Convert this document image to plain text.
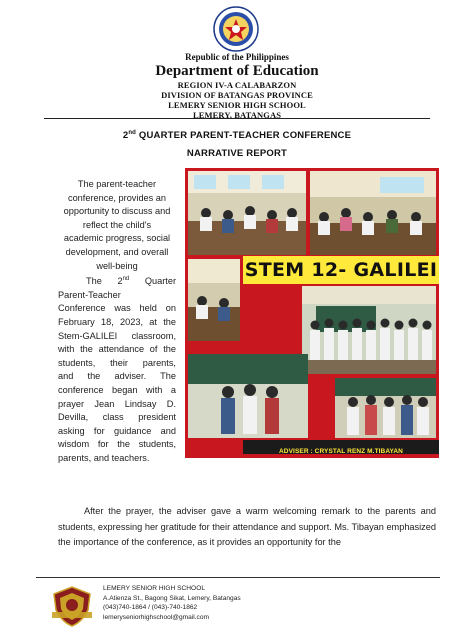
Republic of the Philippines
Department of Education
REGION IV-A CALABARZON
DIVISION OF BATANGAS PROVINCE
LEMERY SENIOR HIGH SCHOOL
LEMERY, BATANGAS
2nd QUARTER PARENT-TEACHER CONFERENCE
NARRATIVE REPORT

The parent-teacher
conference, provides an
opportunity to discuss and
reflect the child's
academic progress, social
development, and overall
well-being

The 2nd Quarter
Parent-Teacher
Conference was held on
February 18, 2023, at the
Stem-GALILEI classroom,
with the attendance of the
students, their parents,
and the adviser. The
conference began with a
prayer Jean Lindsay D.
Devilla, class president
asking for guidance and
wisdom for the students,
parents, and teachers.
STEM 12- GALILEI
ADVISER : CRYSTAL RENZ M.TIBAYAN

After the prayer, the adviser gave a warm welcoming remark to the parents and students, expressing her gratitude for their attendance and support. Ms. Tibayan emphasized the importance of the conference, as it provides an opportunity for the

LEMERY SENIOR HIGH SCHOOL
A.Atienza St., Bagong Sikat, Lemery, Batangas
(043)740-1864 / (043)-740-1862
lemeryseniorhighschool@gmail.com
